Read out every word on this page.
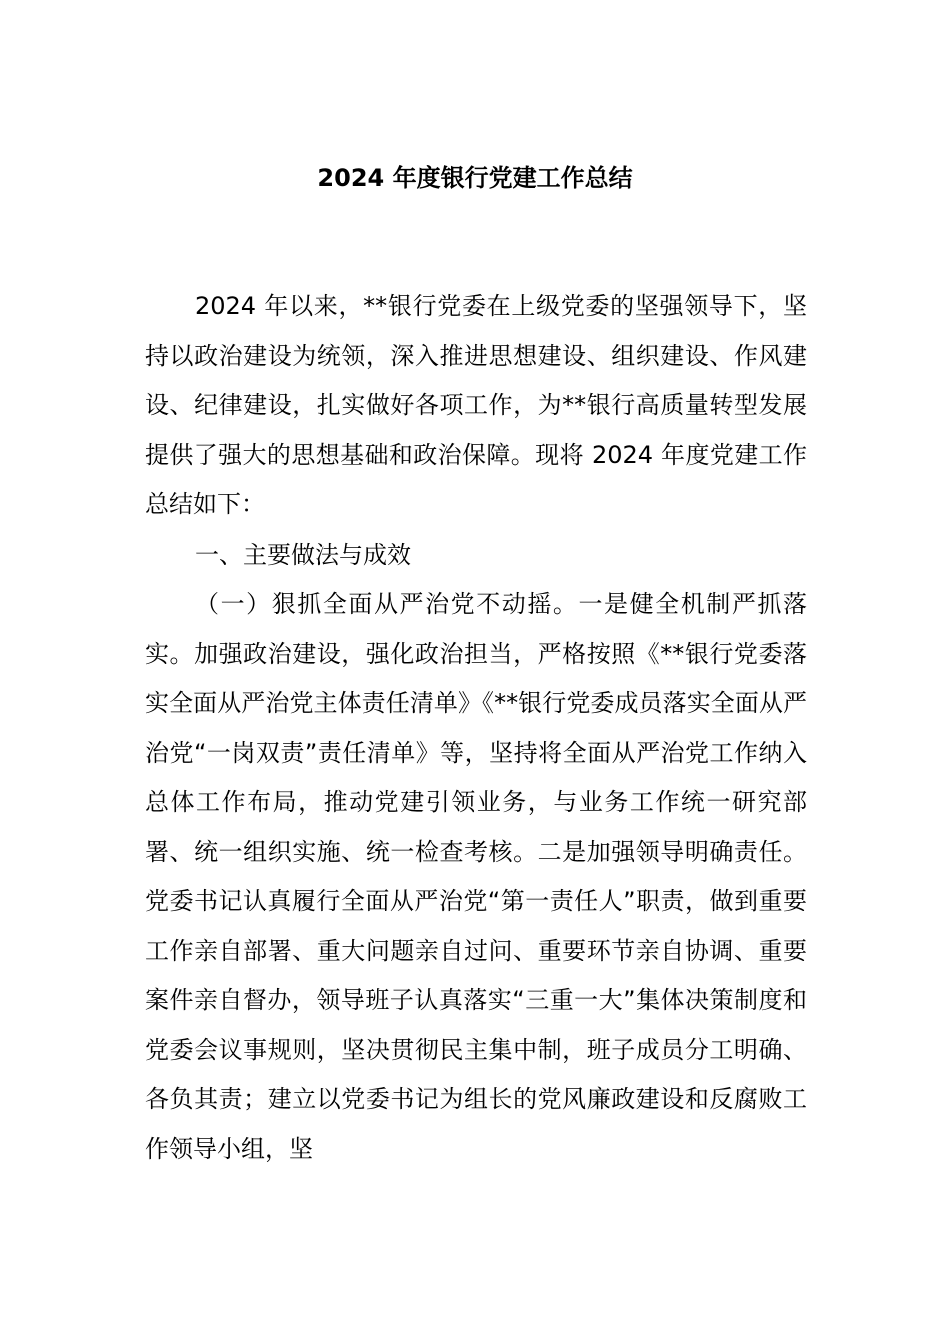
2024 年度银行党建工作总结
2024 年以来，**银行党委在上级党委的坚强领导下，坚持以政治建设为统领，深入推进思想建设、组织建设、作风建设、纪律建设，扎实做好各项工作，为**银行高质量转型发展提供了强大的思想基础和政治保障。现将 2024 年度党建工作总结如下：
一、主要做法与成效
（一）狠抓全面从严治党不动摇。一是健全机制严抓落实。加强政治建设，强化政治担当，严格按照《**银行党委落实全面从严治党主体责任清单》《**银行党委成员落实全面从严治党“一岗双责”责任清单》等，坚持将全面从严治党工作纳入总体工作布局，推动党建引领业务，与业务工作统一研究部署、统一组织实施、统一检查考核。二是加强领导明确责任。党委书记认真履行全面从严治党“第一责任人”职责，做到重要工作亲自部署、重大问题亲自过问、重要环节亲自协调、重要案件亲自督办，领导班子认真落实“三重一大”集体决策制度和党委会议事规则，坚决贯彻民主集中制，班子成员分工明确、各负其责；建立以党委书记为组长的党风廉政建设和反腐败工作领导小组，坚
